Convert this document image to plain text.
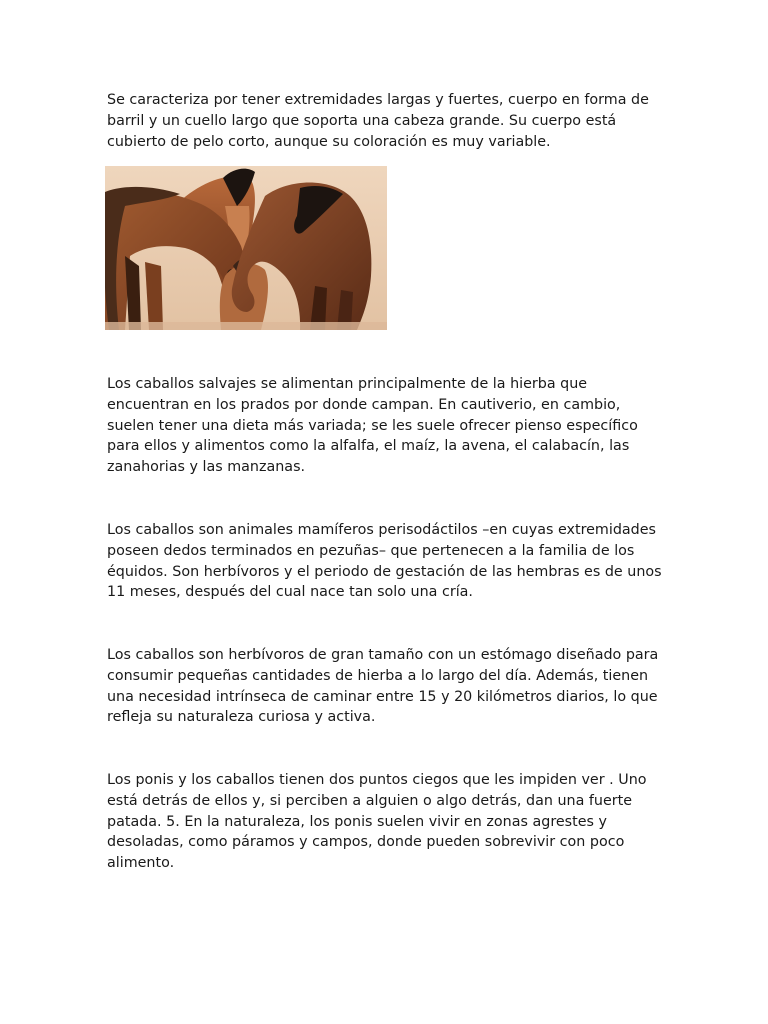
Se caracteriza por tener extremidades largas y fuertes, cuerpo en forma de barril y un cuello largo que soporta una cabeza grande. Su cuerpo está cubierto de pelo corto, aunque su coloración es muy variable.

Los caballos salvajes se alimentan principalmente de la hierba que encuentran en los prados por donde campan. En cautiverio, en cambio, suelen tener una dieta más variada; se les suele ofrecer pienso específico para ellos y alimentos como la alfalfa, el maíz, la avena, el calabacín, las zanahorias y las manzanas.

Los caballos son animales mamíferos perisodáctilos –en cuyas extremidades poseen dedos terminados en pezuñas– que pertenecen a la familia de los équidos. Son herbívoros y el periodo de gestación de las hembras es de unos 11 meses, después del cual nace tan solo una cría.

Los caballos son herbívoros de gran tamaño con un estómago diseñado para consumir pequeñas cantidades de hierba a lo largo del día. Además, tienen una necesidad intrínseca de caminar entre 15 y 20 kilómetros diarios, lo que refleja su naturaleza curiosa y activa.

Los ponis y los caballos tienen dos puntos ciegos que les impiden ver . Uno está detrás de ellos y, si perciben a alguien o algo detrás, dan una fuerte patada. 5. En la naturaleza, los ponis suelen vivir en zonas agrestes y desoladas, como páramos y campos, donde pueden sobrevivir con poco alimento.
